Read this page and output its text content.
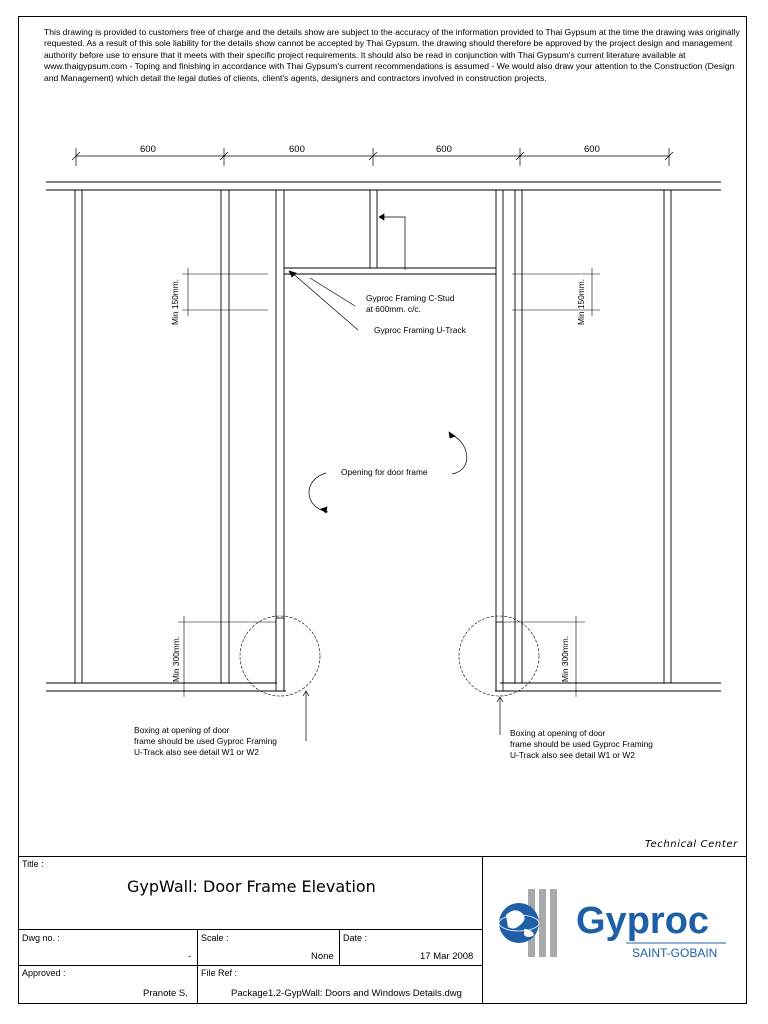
This drawing is provided to customers free of charge and the details show are subject to the accuracy of the information provided to Thai Gypsum at the time the drawing was originally requested. As a result of this sole liability for the details show cannot be accepted by Thai Gypsum. the drawing should therefore be approved by the project design and management authority before use to ensure that it meets with their specific project requirements. It should also be read in conjunction with Thai Gypsum's current literature available at www.thaigypsum.com - Toping and finishing in accordance with Thai Gypsum's current recommendations is assumed - We would also draw your attention to the Construction (Design and Management) which detail the legal duties of clients, client's agents, designers and contractors involved in construction projects.

600	600	600	600
Min 150mm.	Min 150mm.
Min 300mm.	Min 300mm.
Gyproc Framing C-Stud
at 600mm. c/c.
Gyproc Framing U-Track
Opening for door frame
Boxing at opening of door
frame should be used Gyproc Framing
U-Track also see detail W1 or W2
Boxing at opening of door
frame should be used Gyproc Framing
U-Track also see detail W1 or W2
Technical Center
Title :
GypWall: Door Frame Elevation
Dwg no. :
-
Scale :
None
Date :
17 Mar 2008
Approved :
Pranote S.
File Ref :
Package1.2-GypWall: Doors and Windows Details.dwg
Gyproc
SAINT-GOBAIN
